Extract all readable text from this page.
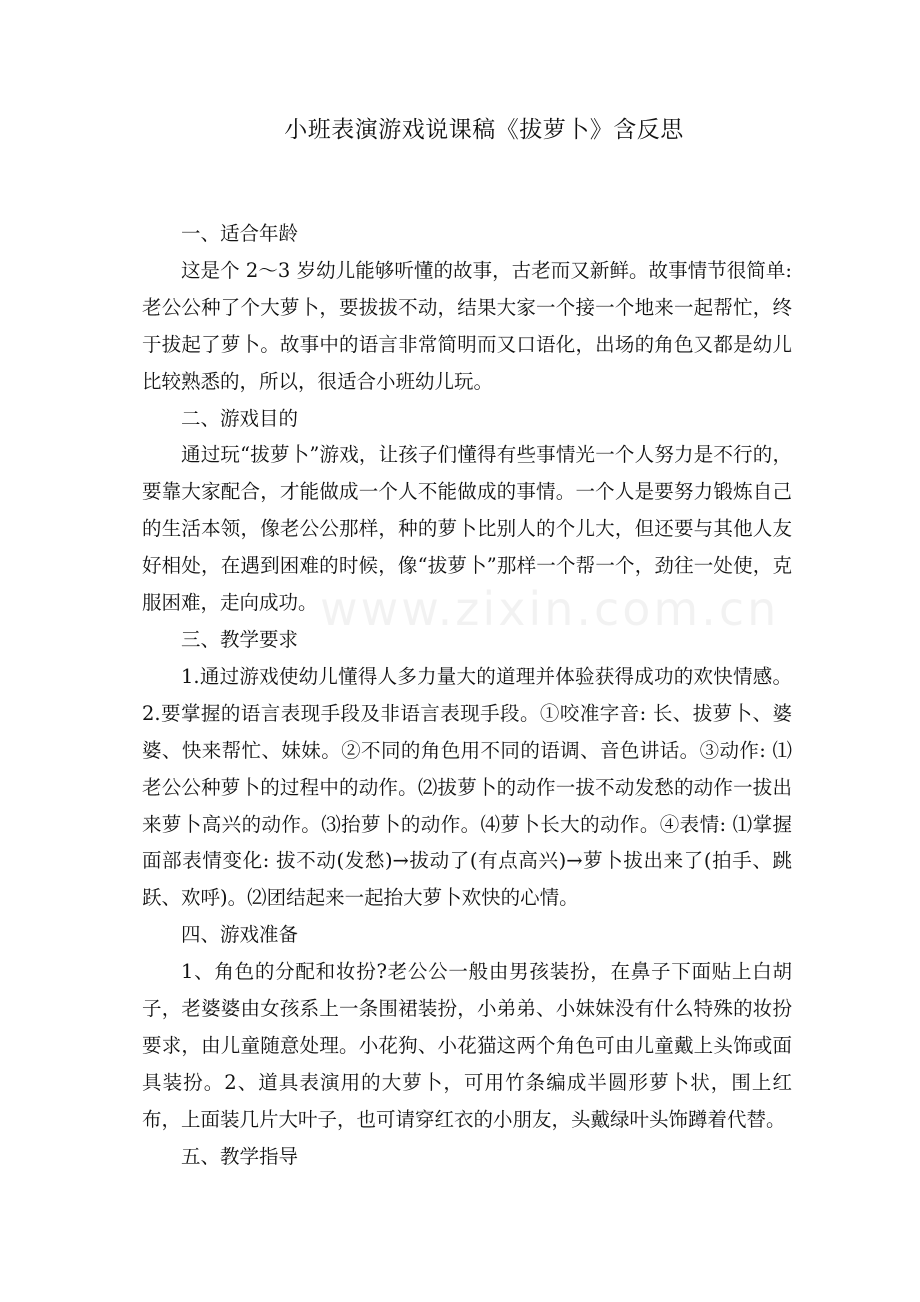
小班表演游戏说课稿《拔萝卜》含反思

一、适合年龄

这是个 2～3 岁幼儿能够听懂的故事，古老而又新鲜。故事情节很简单: 老公公种了个大萝卜，要拔拔不动，结果大家一个接一个地来一起帮忙，终于拔起了萝卜。故事中的语言非常简明而又口语化，出场的角色又都是幼儿比较熟悉的，所以，很适合小班幼儿玩。

二、游戏目的

通过玩“拔萝卜”游戏，让孩子们懂得有些事情光一个人努力是不行的，要靠大家配合，才能做成一个人不能做成的事情。一个人是要努力锻炼自己的生活本领，像老公公那样，种的萝卜比别人的个儿大，但还要与其他人友好相处，在遇到困难的时候，像“拔萝卜”那样一个帮一个，劲往一处使，克服困难，走向成功。

三、教学要求

1.通过游戏使幼儿懂得人多力量大的道理并体验获得成功的欢快情感。2.要掌握的语言表现手段及非语言表现手段。①咬准字音: 长、拔萝卜、婆婆、快来帮忙、妹妹。②不同的角色用不同的语调、音色讲话。③动作: ⑴老公公种萝卜的过程中的动作。⑵拔萝卜的动作一拔不动发愁的动作一拔出来萝卜高兴的动作。⑶抬萝卜的动作。⑷萝卜长大的动作。④表情: ⑴掌握面部表情变化: 拔不动(发愁)→拔动了(有点高兴)→萝卜拔出来了(拍手、跳跃、欢呼)。⑵团结起来一起抬大萝卜欢快的心情。

四、游戏准备

1、角色的分配和妆扮?老公公一般由男孩装扮，在鼻子下面贴上白胡子，老婆婆由女孩系上一条围裙装扮，小弟弟、小妹妹没有什么特殊的妆扮要求，由儿童随意处理。小花狗、小花猫这两个角色可由儿童戴上头饰或面具装扮。2、道具表演用的大萝卜，可用竹条编成半圆形萝卜状，围上红布，上面装几片大叶子，也可请穿红衣的小朋友，头戴绿叶头饰蹲着代替。

五、教学指导

www.zixin.com.cn
